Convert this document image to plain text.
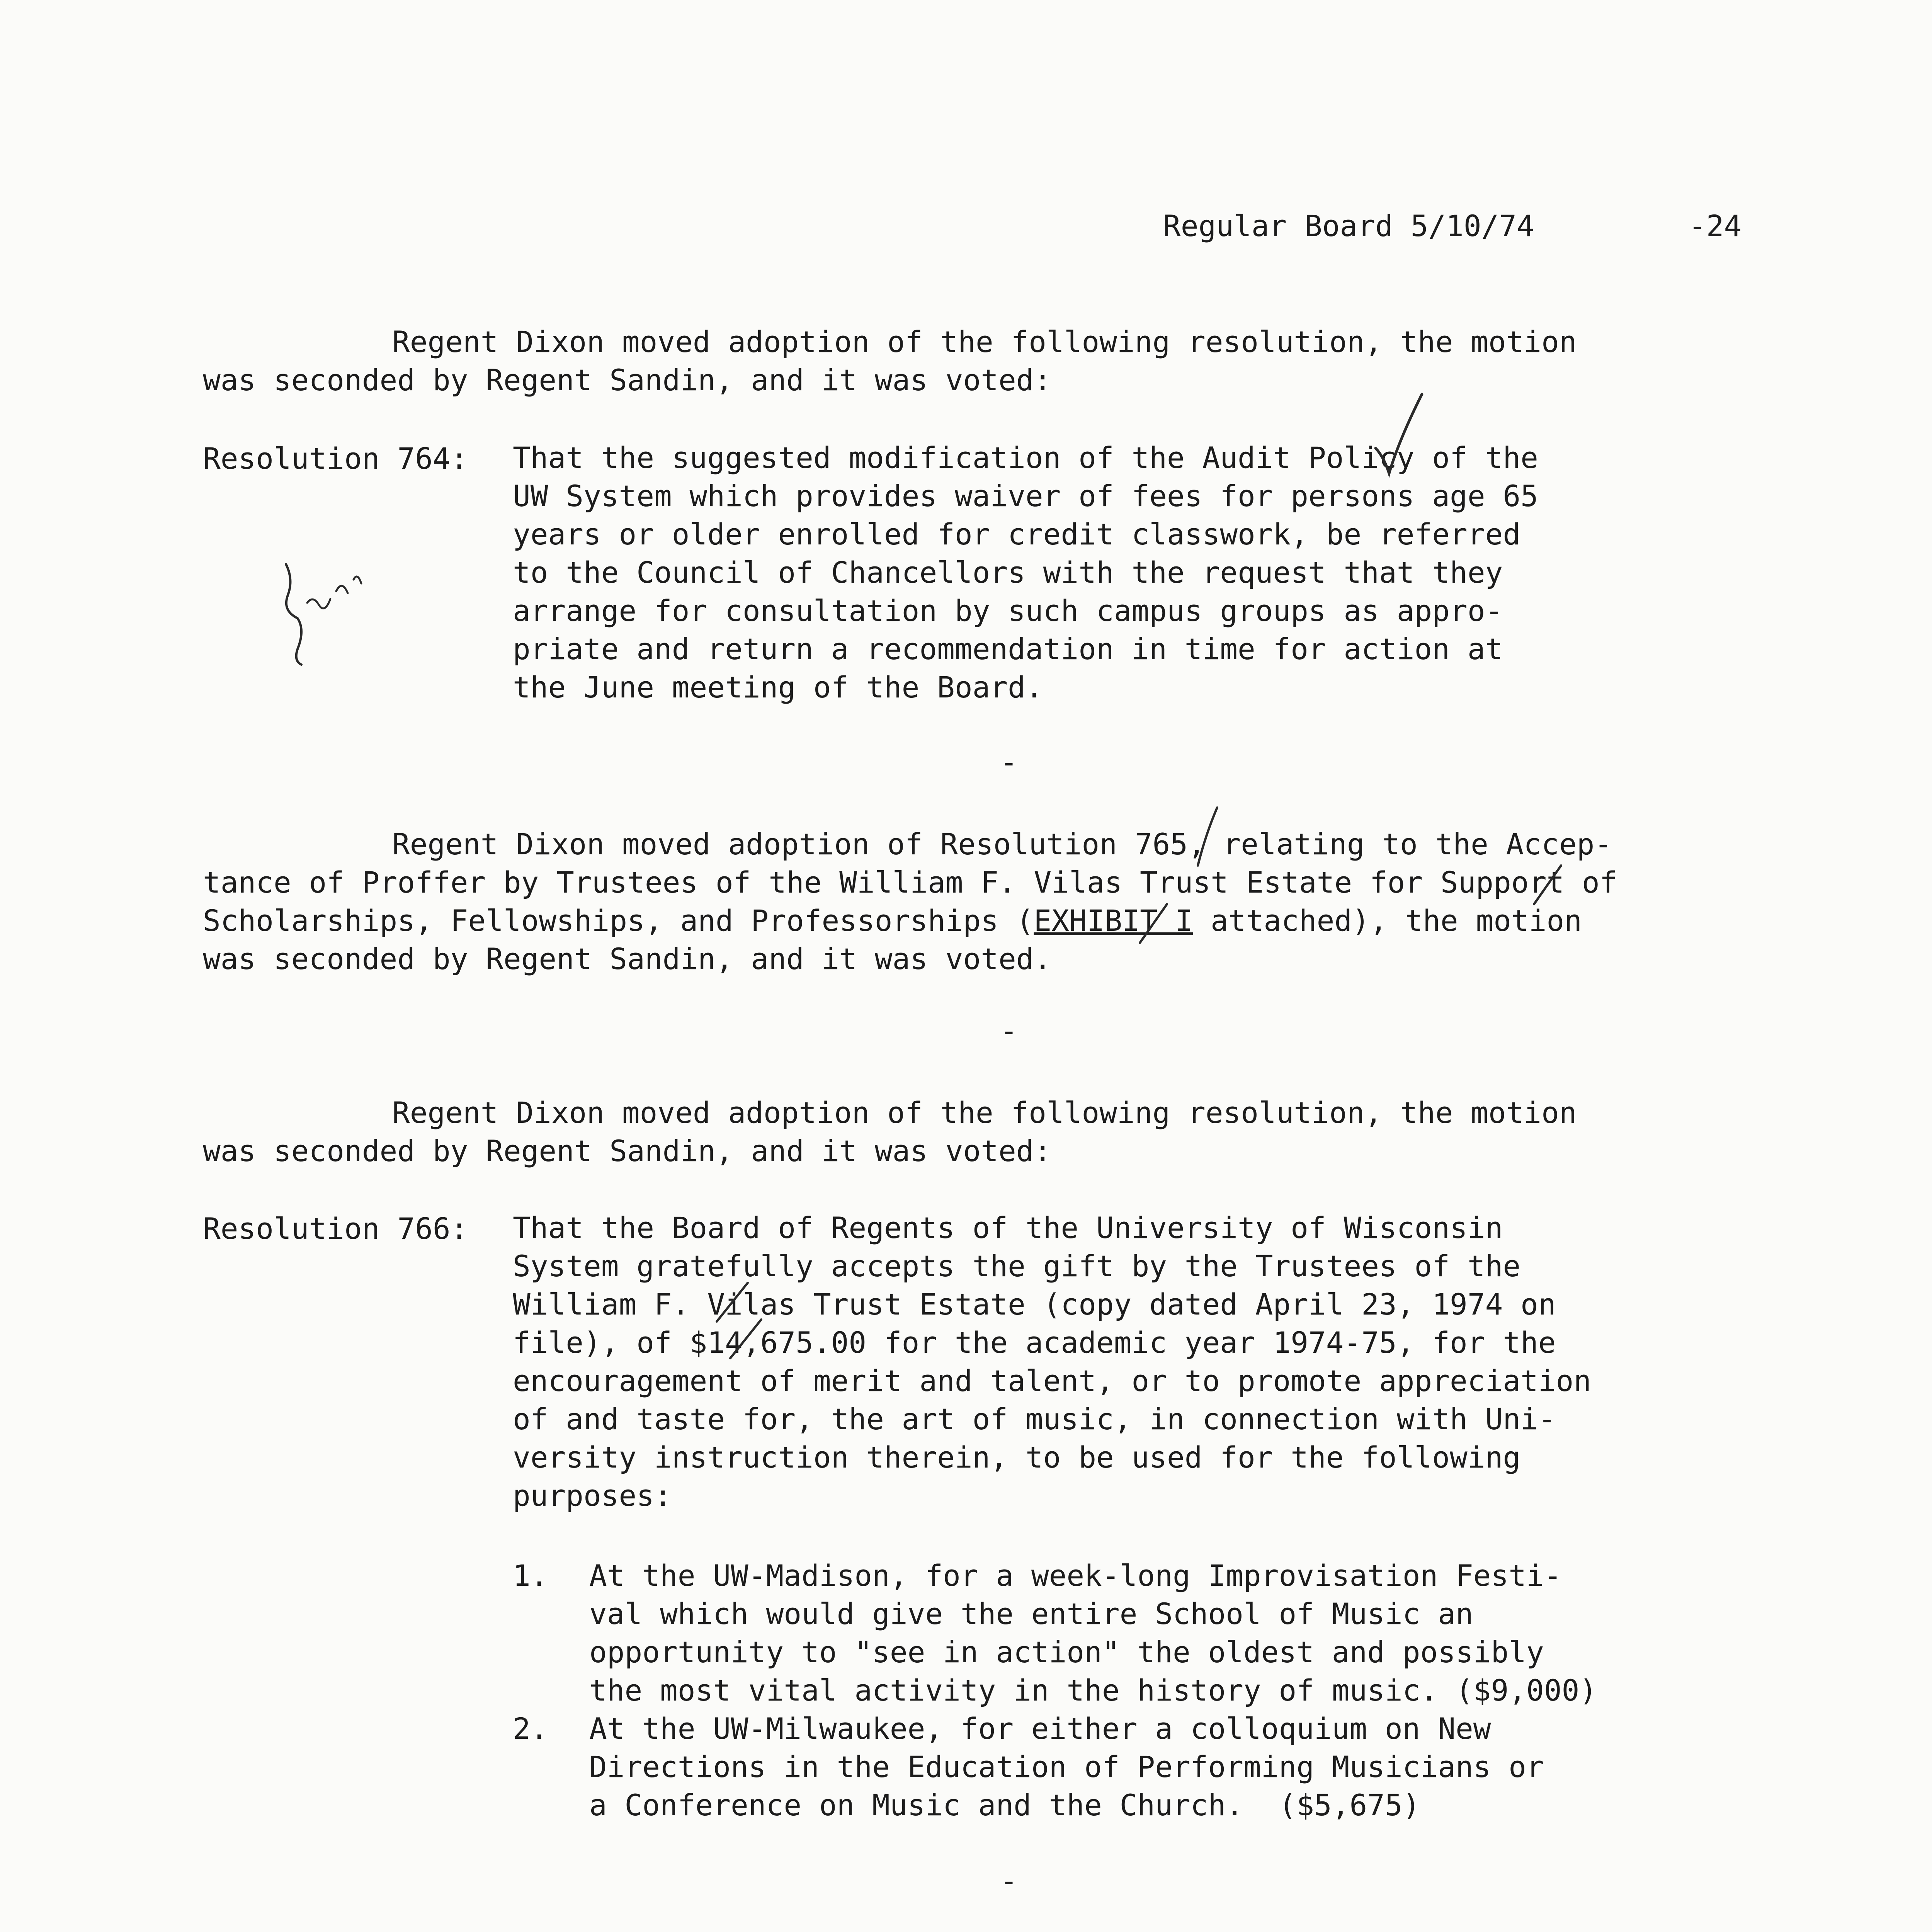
Regular Board 5/10/74	-24
Regent Dixon moved adoption of the following resolution, the motion
was seconded by Regent Sandin, and it was voted:
Resolution 764: That the suggested modification of the Audit Policy of the
UW System which provides waiver of fees for persons age 65
years or older enrolled for credit classwork, be referred
to the Council of Chancellors with the request that they
arrange for consultation by such campus groups as appro-
priate and return a recommendation in time for action at
the June meeting of the Board.
-
Regent Dixon moved adoption of Resolution 765, relating to the Accep-
tance of Proffer by Trustees of the William F. Vilas Trust Estate for Support of
Scholarships, Fellowships, and Professorships (EXHIBIT I attached), the motion
was seconded by Regent Sandin, and it was voted.
-
Regent Dixon moved adoption of the following resolution, the motion
was seconded by Regent Sandin, and it was voted:
Resolution 766: That the Board of Regents of the University of Wisconsin
System gratefully accepts the gift by the Trustees of the
William F. Vilas Trust Estate (copy dated April 23, 1974 on
file), of $14,675.00 for the academic year 1974-75, for the
encouragement of merit and talent, or to promote appreciation
of and taste for, the art of music, in connection with Uni-
versity instruction therein, to be used for the following
purposes:
1. At the UW-Madison, for a week-long Improvisation Festi-
val which would give the entire School of Music an
opportunity to "see in action" the oldest and possibly
the most vital activity in the history of music. ($9,000)
2. At the UW-Milwaukee, for either a colloquium on New
Directions in the Education of Performing Musicians or
a Conference on Music and the Church.  ($5,675)
-
